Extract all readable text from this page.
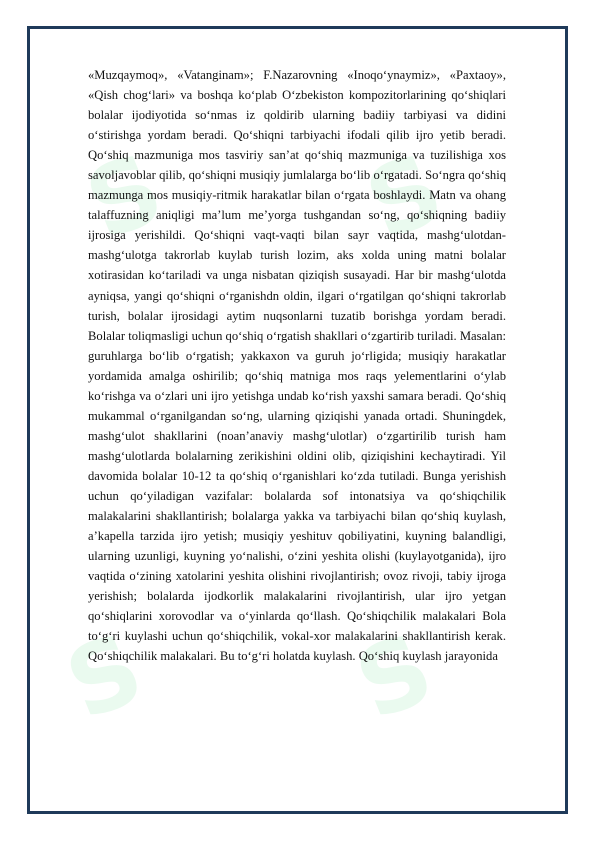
S S
S S

«Muzqaymoq», «Vatanginam»; F.Nazarovning «Inoqo‘ynaymiz», «Paxtaoy», «Qish chog‘lari» va boshqa ko‘plab O‘zbekiston kompozitorlarining qo‘shiqlari bolalar ijodiyotida so‘nmas iz qoldirib ularning badiiy tarbiyasi va didini o‘stirishga yordam beradi. Qo‘shiqni tarbiyachi ifodali qilib ijro yetib beradi. Qo‘shiq mazmuniga mos tasviriy san’at qo‘shiq mazmuniga va tuzilishiga xos savoljavoblar qilib, qo‘shiqni musiqiy jumlalarga bo‘lib o‘rgatadi. So‘ngra qo‘shiq mazmunga mos musiqiy-ritmik harakatlar bilan o‘rgata boshlaydi. Matn va ohang talaffuzning aniqligi ma’lum me’yorga tushgandan so‘ng, qo‘shiqning badiiy ijrosiga yerishildi. Qo‘shiqni vaqt-vaqti bilan sayr vaqtida, mashg‘ulotdan-mashg‘ulotga takrorlab kuylab turish lozim, aks xolda uning matni bolalar xotirasidan ko‘tariladi va unga nisbatan qiziqish susayadi. Har bir mashg‘ulotda ayniqsa, yangi qo‘shiqni o‘rganishdn oldin, ilgari o‘rgatilgan qo‘shiqni takrorlab turish, bolalar ijrosidagi aytim nuqsonlarni tuzatib borishga yordam beradi. Bolalar toliqmasligi uchun qo‘shiq o‘rgatish shakllari o‘zgartirib turiladi. Masalan: guruhlarga bo‘lib o‘rgatish; yakkaxon va guruh jo‘rligida; musiqiy harakatlar yordamida amalga oshirilib; qo‘shiq matniga mos raqs yelementlarini o‘ylab ko‘rishga va o‘zlari uni ijro yetishga undab ko‘rish yaxshi samara beradi. Qo‘shiq mukammal o‘rganilgandan so‘ng, ularning qiziqishi yanada ortadi. Shuningdek, mashg‘ulot shakllarini (noan’anaviy mashg‘ulotlar) o‘zgartirilib turish ham mashg‘ulotlarda bolalarning zerikishini oldini olib, qiziqishini kechaytiradi. Yil davomida bolalar 10-12 ta qo‘shiq o‘rganishlari ko‘zda tutiladi. Bunga yerishish uchun qo‘yiladigan vazifalar: bolalarda sof intonatsiya va qo‘shiqchilik malakalarini shakllantirish; bolalarga yakka va tarbiyachi bilan qo‘shiq kuylash, a’kapella tarzida ijro yetish; musiqiy yeshituv qobiliyatini, kuyning balandligi, ularning uzunligi, kuyning yo‘nalishi, o‘zini yeshita olishi (kuylayotganida), ijro vaqtida o‘zining xatolarini yeshita olishini rivojlantirish; ovoz rivoji, tabiy ijroga yerishish; bolalarda ijodkorlik malakalarini rivojlantirish, ular ijro yetgan qo‘shiqlarini xorovodlar va o‘yinlarda qo‘llash. Qo‘shiqchilik malakalari Bola to‘g‘ri kuylashi uchun qo‘shiqchilik, vokal-xor malakalarini shakllantirish kerak. Qo‘shiqchilik malakalari. Bu to‘g‘ri holatda kuylash. Qo‘shiq kuylash jarayonida
